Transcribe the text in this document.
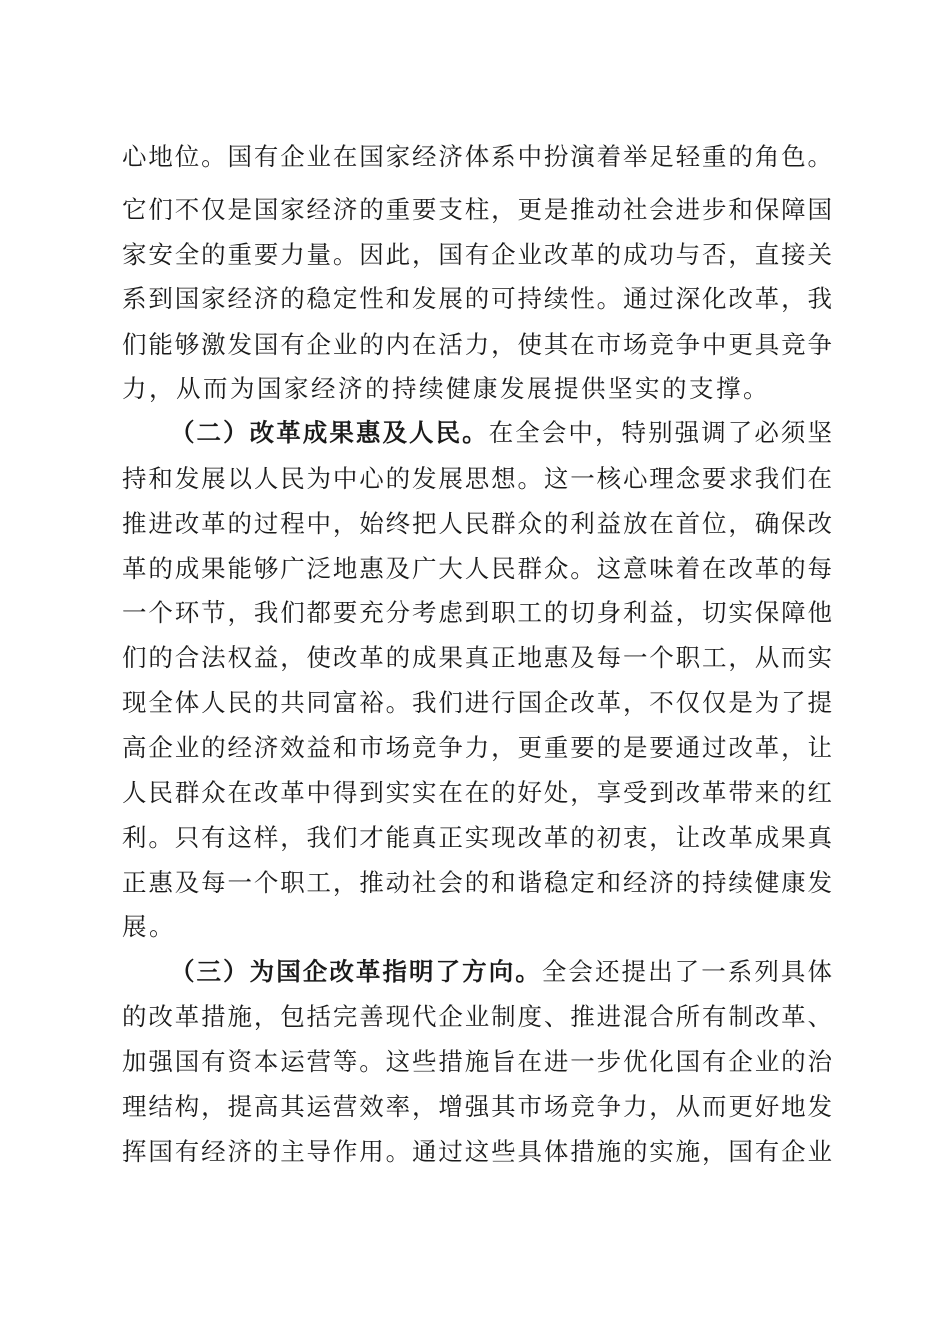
心地位。国有企业在国家经济体系中扮演着举足轻重的角色。

它们不仅是国家经济的重要支柱，更是推动社会进步和保障国

家安全的重要力量。因此，国有企业改革的成功与否，直接关

系到国家经济的稳定性和发展的可持续性。通过深化改革，我

们能够激发国有企业的内在活力，使其在市场竞争中更具竞争

力，从而为国家经济的持续健康发展提供坚实的支撑。

（二）改革成果惠及人民。在全会中，特别强调了必须坚

持和发展以人民为中心的发展思想。这一核心理念要求我们在

推进改革的过程中，始终把人民群众的利益放在首位，确保改

革的成果能够广泛地惠及广大人民群众。这意味着在改革的每

一个环节，我们都要充分考虑到职工的切身利益，切实保障他

们的合法权益，使改革的成果真正地惠及每一个职工，从而实

现全体人民的共同富裕。我们进行国企改革，不仅仅是为了提

高企业的经济效益和市场竞争力，更重要的是要通过改革，让

人民群众在改革中得到实实在在的好处，享受到改革带来的红

利。只有这样，我们才能真正实现改革的初衷，让改革成果真

正惠及每一个职工，推动社会的和谐稳定和经济的持续健康发

展。

（三）为国企改革指明了方向。全会还提出了一系列具体

的改革措施，包括完善现代企业制度、推进混合所有制改革、

加强国有资本运营等。这些措施旨在进一步优化国有企业的治

理结构，提高其运营效率，增强其市场竞争力，从而更好地发

挥国有经济的主导作用。通过这些具体措施的实施，国有企业
